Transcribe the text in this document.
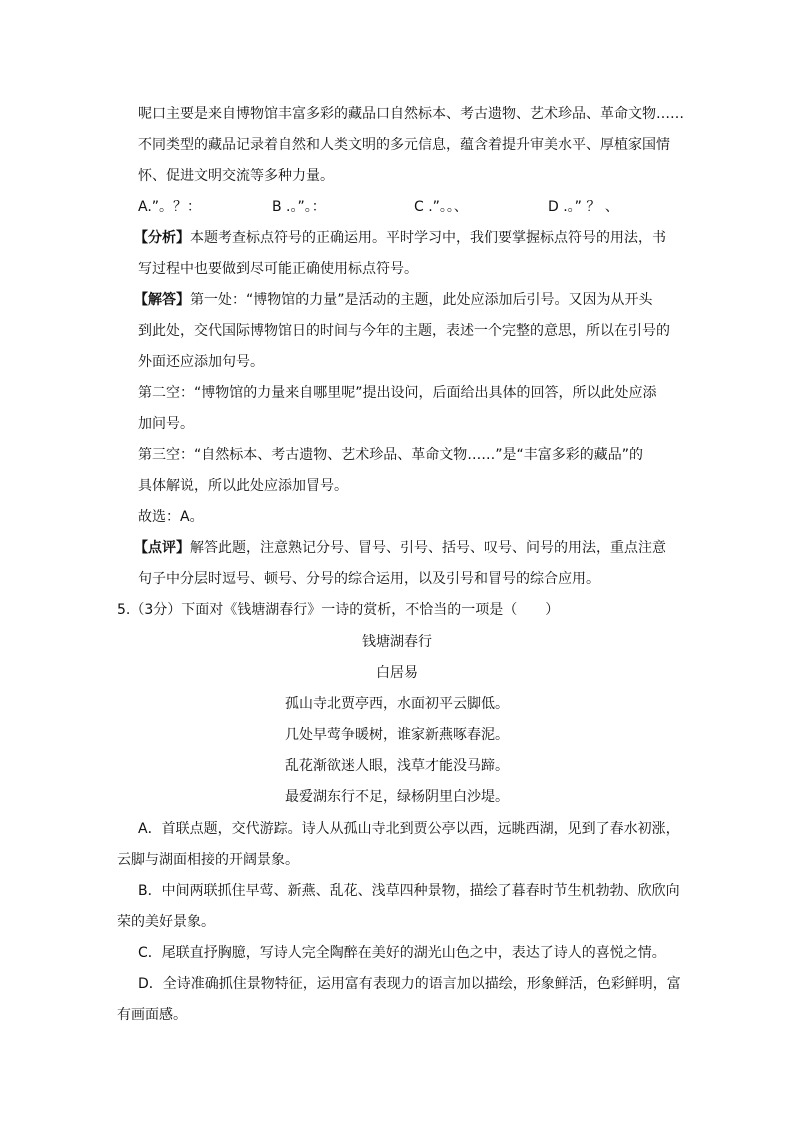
呢口主要是来自博物馆丰富多彩的藏品口自然标本、考古遗物、艺术珍品、革命文物……
不同类型的藏品记录着自然和人类文明的多元信息，蕴含着提升审美水平、厚植家国情
怀、促进文明交流等多种力量。
A.”。？：	B .。”。：	C .”。。、	D .。” ？ 、
【分析】本题考查标点符号的正确运用。平时学习中，我们要掌握标点符号的用法，书
写过程中也要做到尽可能正确使用标点符号。
【解答】第一处：“博物馆的力量”是活动的主题，此处应添加后引号。又因为从开头
到此处，交代国际博物馆日的时间与今年的主题，表述一个完整的意思，所以在引号的
外面还应添加句号。
第二空：“博物馆的力量来自哪里呢”提出设问，后面给出具体的回答，所以此处应添
加问号。
第三空：“自然标本、考古遗物、艺术珍品、革命文物……”是“丰富多彩的藏品”的
具体解说，所以此处应添加冒号。
故选：A。
【点评】解答此题，注意熟记分号、冒号、引号、括号、叹号、问号的用法，重点注意
句子中分层时逗号、顿号、分号的综合运用，以及引号和冒号的综合应用。
5.（3分）下面对《钱塘湖春行》一诗的赏析，不恰当的一项是（　　）
钱塘湖春行
白居易
孤山寺北贾亭西，水面初平云脚低。
几处早莺争暖树，谁家新燕啄春泥。
乱花渐欲迷人眼，浅草才能没马蹄。
最爱湖东行不足，绿杨阴里白沙堤。
A．首联点题，交代游踪。诗人从孤山寺北到贾公亭以西，远眺西湖，见到了春水初涨，
云脚与湖面相接的开阔景象。
B．中间两联抓住早莺、新燕、乱花、浅草四种景物，描绘了暮春时节生机勃勃、欣欣向
荣的美好景象。
C．尾联直抒胸臆，写诗人完全陶醉在美好的湖光山色之中，表达了诗人的喜悦之情。
D．全诗准确抓住景物特征，运用富有表现力的语言加以描绘，形象鲜活，色彩鲜明，富
有画面感。
